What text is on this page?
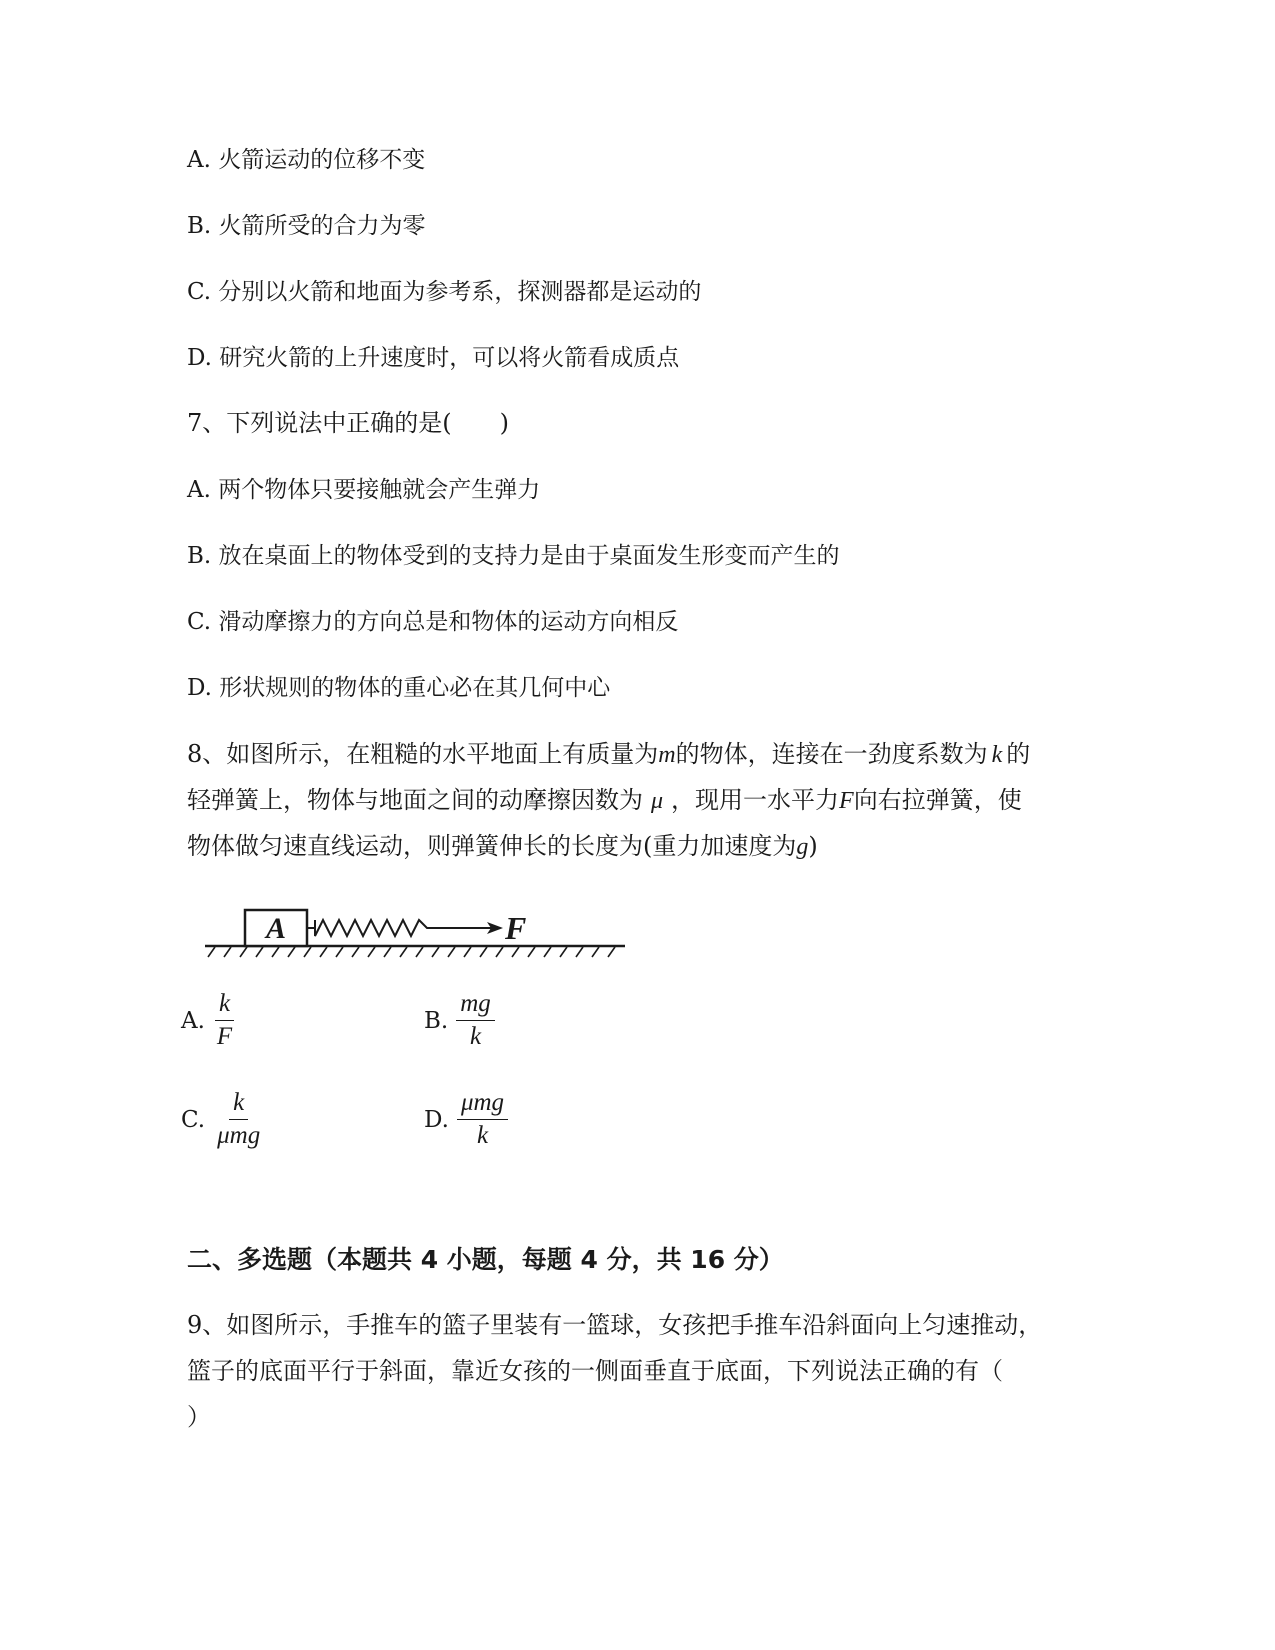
A. 火箭运动的位移不变
B. 火箭所受的合力为零
C. 分别以火箭和地面为参考系，探测器都是运动的
D. 研究火箭的上升速度时，可以将火箭看成质点
7、下列说法中正确的是(　　)
A. 两个物体只要接触就会产生弹力
B. 放在桌面上的物体受到的支持力是由于桌面发生形变而产生的
C. 滑动摩擦力的方向总是和物体的运动方向相反
D. 形状规则的物体的重心必在其几何中心
8、如图所示，在粗糙的水平地面上有质量为m的物体，连接在一劲度系数为 k 的
轻弹簧上，物体与地面之间的动摩擦因数为 μ ，现用一水平力F向右拉弹簧，使
物体做匀速直线运动，则弹簧伸长的长度为(重力加速度为g)
A	F
A. $\frac{k}{F}$	B. $\frac{mg}{k}$
C. $\frac{k}{\text{μmg}}$	D. $\frac{\text{μmg}}{k}$
二、多选题（本题共 4 小题，每题 4 分，共 16 分）
9、如图所示，手推车的篮子里装有一篮球，女孩把手推车沿斜面向上匀速推动，
篮子的底面平行于斜面，靠近女孩的一侧面垂直于底面，下列说法正确的有（
）
